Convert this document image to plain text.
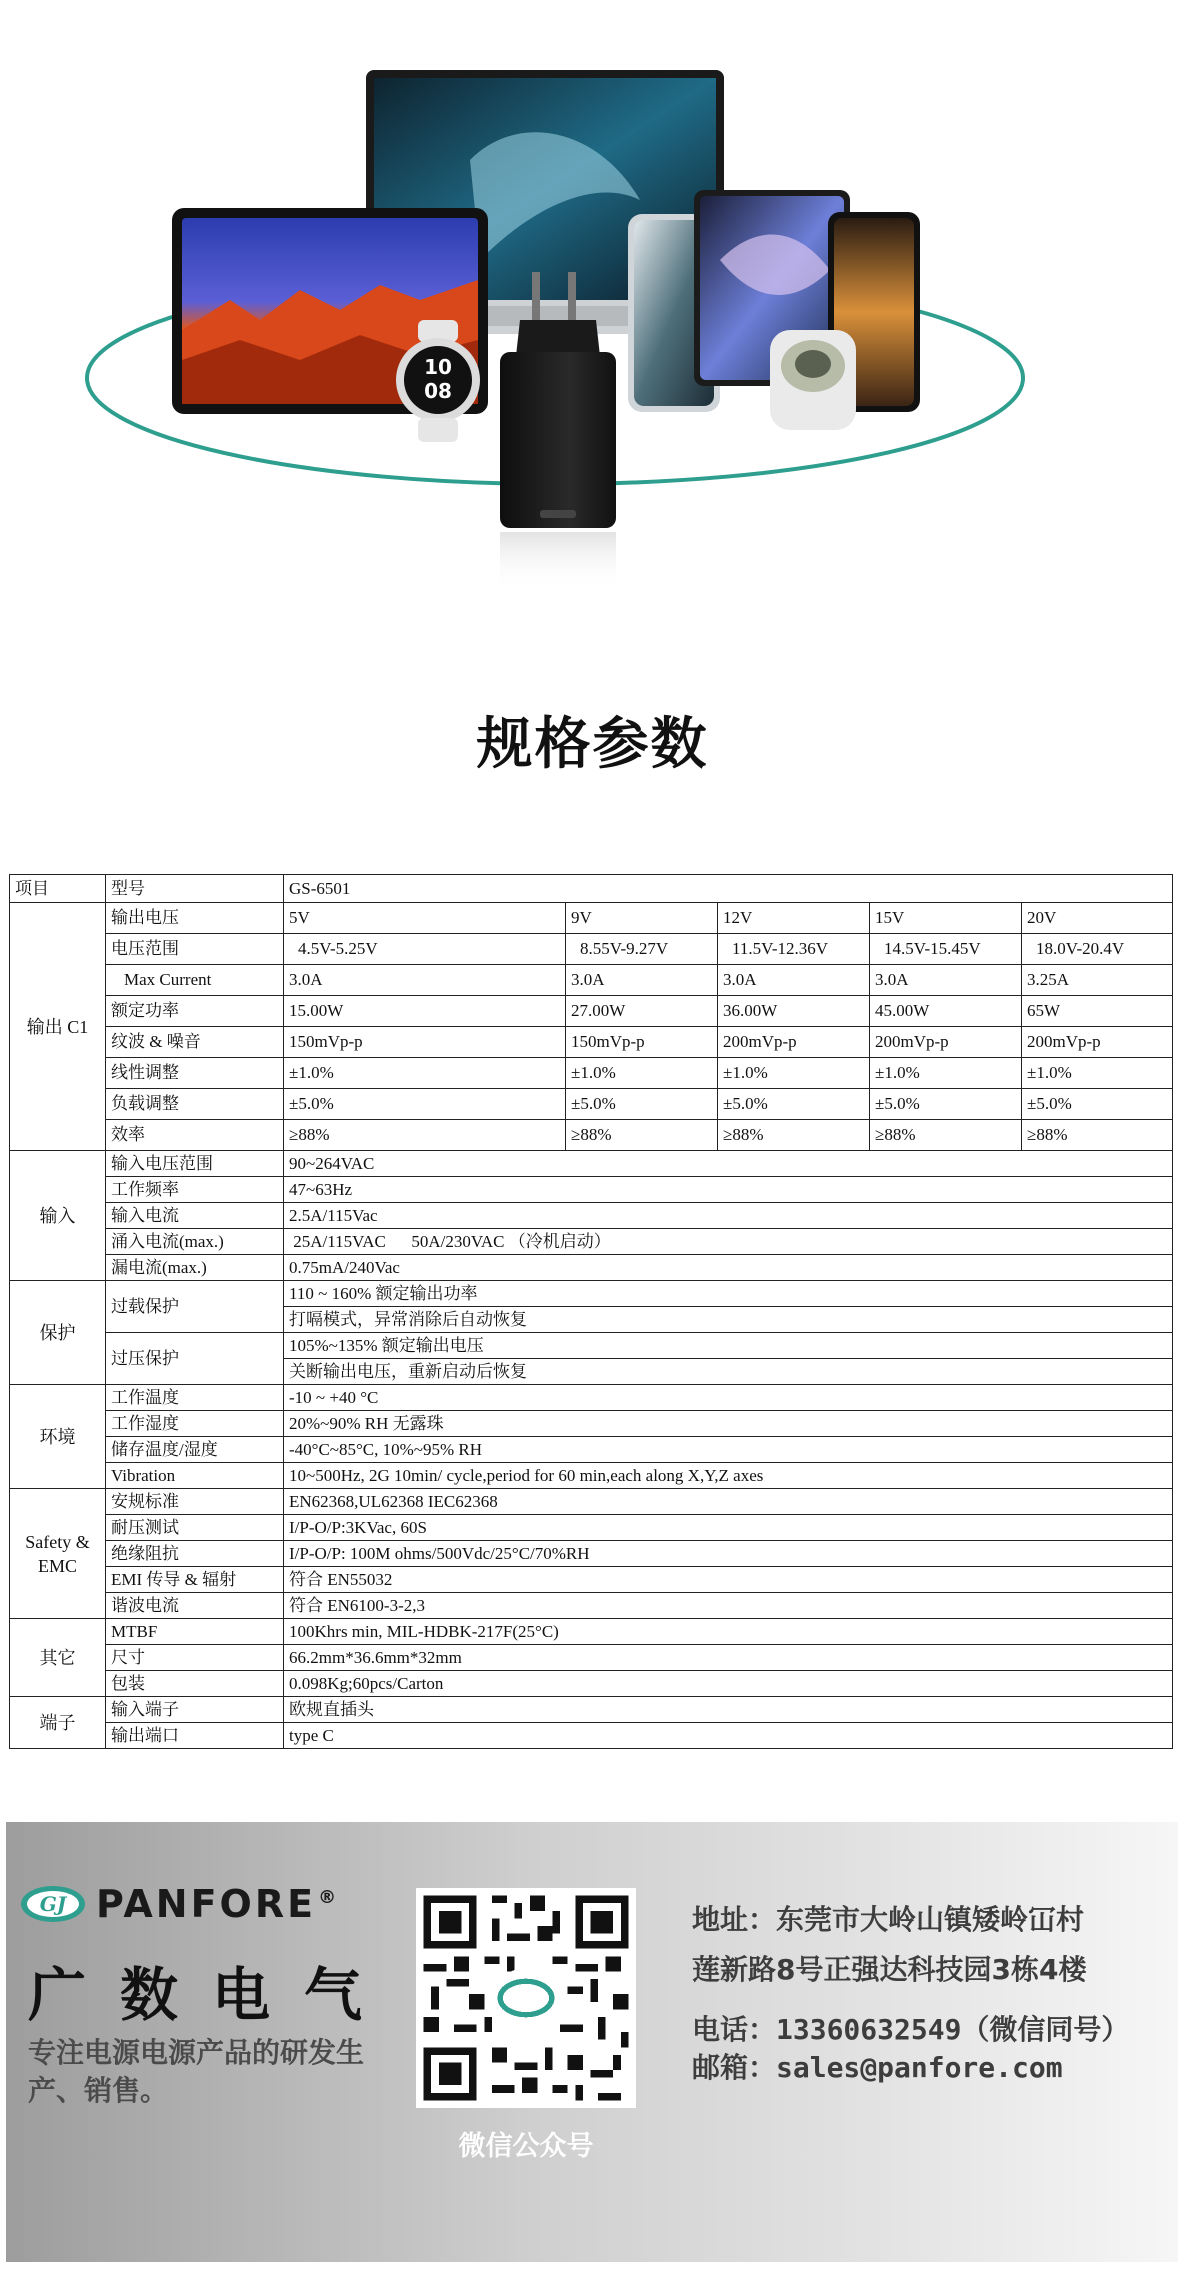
10
08
规格参数
项目	型号	GS-6501				
输出 C1	输出电压	5V	9V	12V	15V	20V
	电压范围	4.5V-5.25V	8.55V-9.27V	11.5V-12.36V	14.5V-15.45V	18.0V-20.4V
	Max Current	3.0A	3.0A	3.0A	3.0A	3.25A
	额定功率	15.00W	27.00W	36.00W	45.00W	65W
	纹波 & 噪音	150mVp-p	150mVp-p	200mVp-p	200mVp-p	200mVp-p
	线性调整	±1.0%	±1.0%	±1.0%	±1.0%	±1.0%
	负载调整	±5.0%	±5.0%	±5.0%	±5.0%	±5.0%
	效率	≥88%	≥88%	≥88%	≥88%	≥88%
输入	输入电压范围	90~264VAC				
	工作频率	47~63Hz				
	输入电流	2.5A/115Vac				
	涌入电流(max.)	25A/115VAC      50A/230VAC （冷机启动）				
	漏电流(max.)	0.75mA/240Vac				
保护	过载保护	110 ~ 160% 额定输出功率				
		打嗝模式，异常消除后自动恢复				
	过压保护	105%~135% 额定输出电压				
		关断输出电压，重新启动后恢复				
环境	工作温度	-10 ~ +40 °C				
	工作湿度	20%~90% RH 无露珠				
	储存温度/湿度	-40°C~85°C, 10%~95% RH				
	Vibration	10~500Hz, 2G 10min/ cycle,period for 60 min,each along X,Y,Z axes				

Safety &
EMC	安规标准	EN62368,UL62368 IEC62368				
	耐压测试	I/P-O/P:3KVac, 60S				
	绝缘阻抗	I/P-O/P: 100M ohms/500Vdc/25°C/70%RH				
	EMI 传导 & 辐射	符合 EN55032				
	谐波电流	符合 EN6100-3-2,3				
其它	MTBF	100Khrs min, MIL-HDBK-217F(25°C)				
	尺寸	66.2mm*36.6mm*32mm				
	包装	0.098Kg;60pcs/Carton				
端子	输入端子	欧规直插头				
	输出端口	type C				
GJ PANFORE ®
广数电气
专注电源电源产品的研发生产、销售。
微信公众号
地址：东莞市大岭山镇矮岭冚村
莲新路8号正强达科技园3栋4楼
电话：13360632549（微信同号）
邮箱：sales@panfore.com
